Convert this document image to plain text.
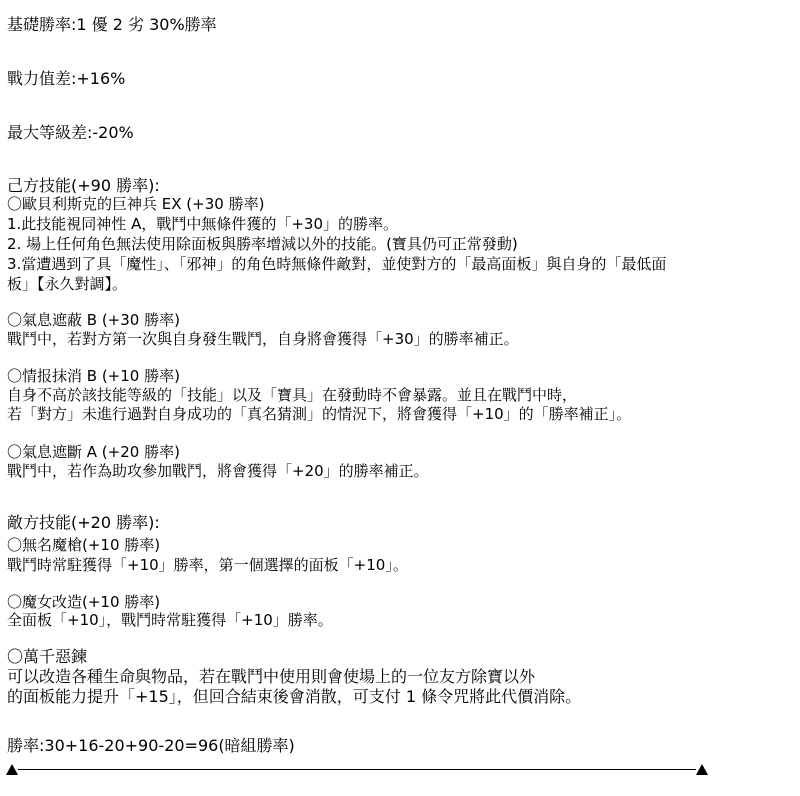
基礎勝率:1 優 2 劣 30%勝率
戰力值差:+16%
最大等級差:-20%
己方技能(+90 勝率):
〇歐貝利斯克的巨神兵 EX (+30 勝率)
1.此技能視同神性 A，戰鬥中無條件獲的「+30」的勝率。
2. 場上任何角色無法使用除面板與勝率增減以外的技能。(寶具仍可正常發動)
3.當遭遇到了具「魔性」、「邪神」的角色時無條件敵對，並使對方的「最高面板」與自身的「最低面
板」【永久對調】。
〇氣息遮蔽 B (+30 勝率)
戰鬥中，若對方第一次與自身發生戰鬥，自身將會獲得「+30」的勝率補正。
〇情报抹消 B (+10 勝率)
自身不高於該技能等級的「技能」以及「寶具」在發動時不會暴露。並且在戰鬥中時，
若「對方」未進行過對自身成功的「真名猜測」的情況下，將會獲得「+10」的「勝率補正」。
〇氣息遮斷 A (+20 勝率)
戰鬥中，若作為助攻參加戰鬥，將會獲得「+20」的勝率補正。
敵方技能(+20 勝率):
〇無名魔槍(+10 勝率)
戰鬥時常駐獲得「+10」勝率，第一個選擇的面板「+10」。
〇魔女改造(+10 勝率)
全面板「+10」，戰鬥時常駐獲得「+10」勝率。
〇萬千惡鍊
可以改造各種生命與物品，若在戰鬥中使用則會使場上的一位友方除寶以外
的面板能力提升「+15」，但回合結束後會消散，可支付 1 條令咒將此代價消除。
勝率:30+16-20+90-20=96(暗組勝率)
